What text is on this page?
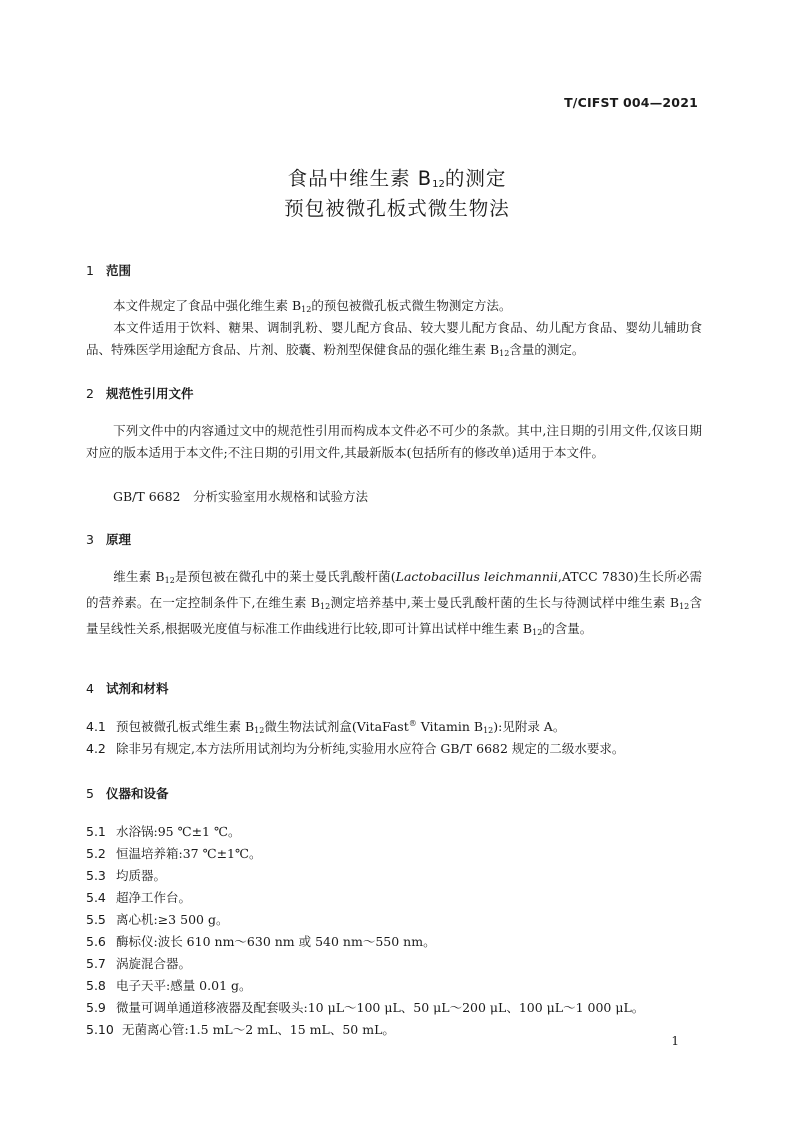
T/CIFST 004—2021
食品中维生素 $B_{12}$的测定
预包被微孔板式微生物法
1 范围
本文件规定了食品中强化维生素 $B_{12}$的预包被微孔板式微生物测定方法。
本文件适用于饮料、糖果、调制乳粉、婴儿配方食品、较大婴儿配方食品、幼儿配方食品、婴幼儿辅助食品、特殊医学用途配方食品、片剂、胶囊、粉剂型保健食品的强化维生素 $B_{12}$含量的测定。
2 规范性引用文件
下列文件中的内容通过文中的规范性引用而构成本文件必不可少的条款。其中,注日期的引用文件,仅该日期对应的版本适用于本文件;不注日期的引用文件,其最新版本(包括所有的修改单)适用于本文件。
GB/T 6682　分析实验室用水规格和试验方法
3 原理
维生素 $B_{12}$是预包被在微孔中的莱士曼氏乳酸杆菌(Lactobacillus leichmannii,ATCC 7830)生长所必需的营养素。在一定控制条件下,在维生素 $B_{12}$测定培养基中,莱士曼氏乳酸杆菌的生长与待测试样中维生素 $B_{12}$含量呈线性关系,根据吸光度值与标准工作曲线进行比较,即可计算出试样中维生素 $B_{12}$的含量。
4 试剂和材料
4.1 预包被微孔板式维生素 $B_{12}$微生物法试剂盒(VitaFast® Vitamin $B_{12}$):见附录 A。
4.2 除非另有规定,本方法所用试剂均为分析纯,实验用水应符合 GB/T 6682 规定的二级水要求。
5 仪器和设备
5.1 水浴锅:95 ℃±1 ℃。
5.2 恒温培养箱:37 ℃±1℃。
5.3 均质器。
5.4 超净工作台。
5.5 离心机:≥3 500 g。
5.6 酶标仪:波长 610 nm～630 nm 或 540 nm～550 nm。
5.7 涡旋混合器。
5.8 电子天平:感量 0.01 g。
5.9 微量可调单通道移液器及配套吸头:10 μL～100 μL、50 μL～200 μL、100 μL～1 000 μL。
5.10 无菌离心管:1.5 mL～2 mL、15 mL、50 mL。
1
